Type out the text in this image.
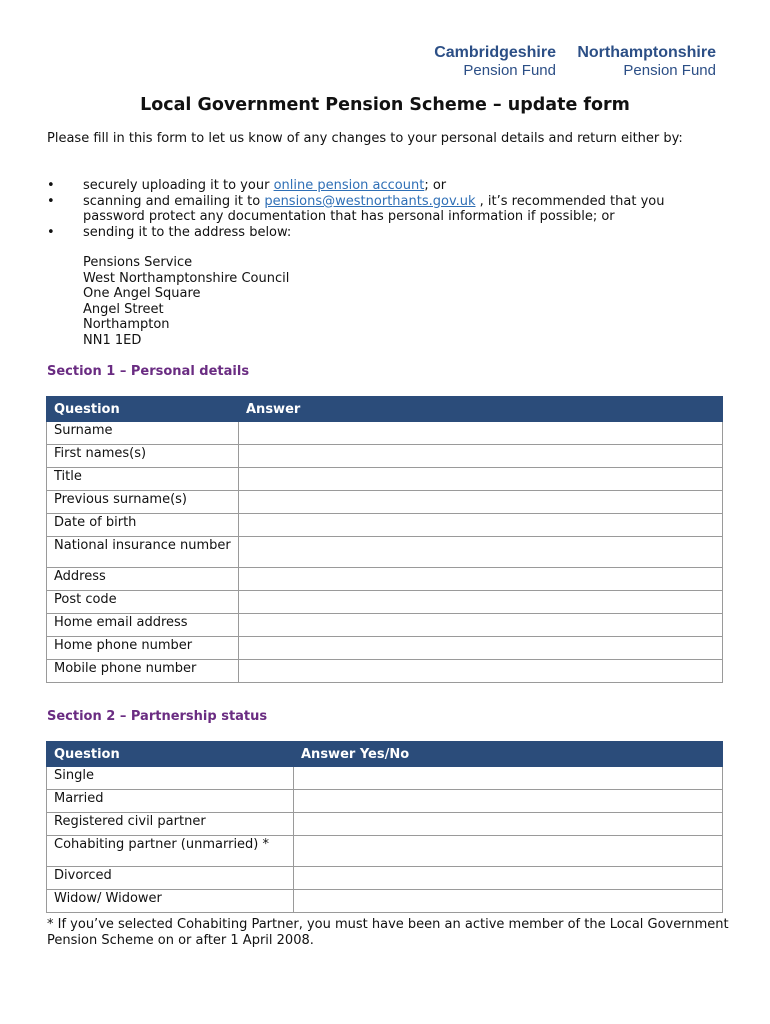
Cambridgeshire
Pension Fund
Northamptonshire
Pension Fund
Local Government Pension Scheme – update form
Please fill in this form to let us know of any changes to your personal details and return either by:
• securely uploading it to your online pension account; or
• scanning and emailing it to pensions@westnorthants.gov.uk , it’s recommended that you password protect any documentation that has personal information if possible; or
• sending it to the address below:
Pensions Service
West Northamptonshire Council
One Angel Square
Angel Street
Northampton
NN1 1ED
Section 1 – Personal details
Question	Answer
Surname	
First names(s)	
Title	
Previous surname(s)	
Date of birth	
National insurance number	
Address	
Post code	
Home email address	
Home phone number	
Mobile phone number	
Section 2 – Partnership status
Question	Answer Yes/No
Single	
Married	
Registered civil partner	
Cohabiting partner (unmarried) *	
Divorced	
Widow/ Widower	
* If you’ve selected Cohabiting Partner, you must have been an active member of the Local Government Pension Scheme on or after 1 April 2008.
